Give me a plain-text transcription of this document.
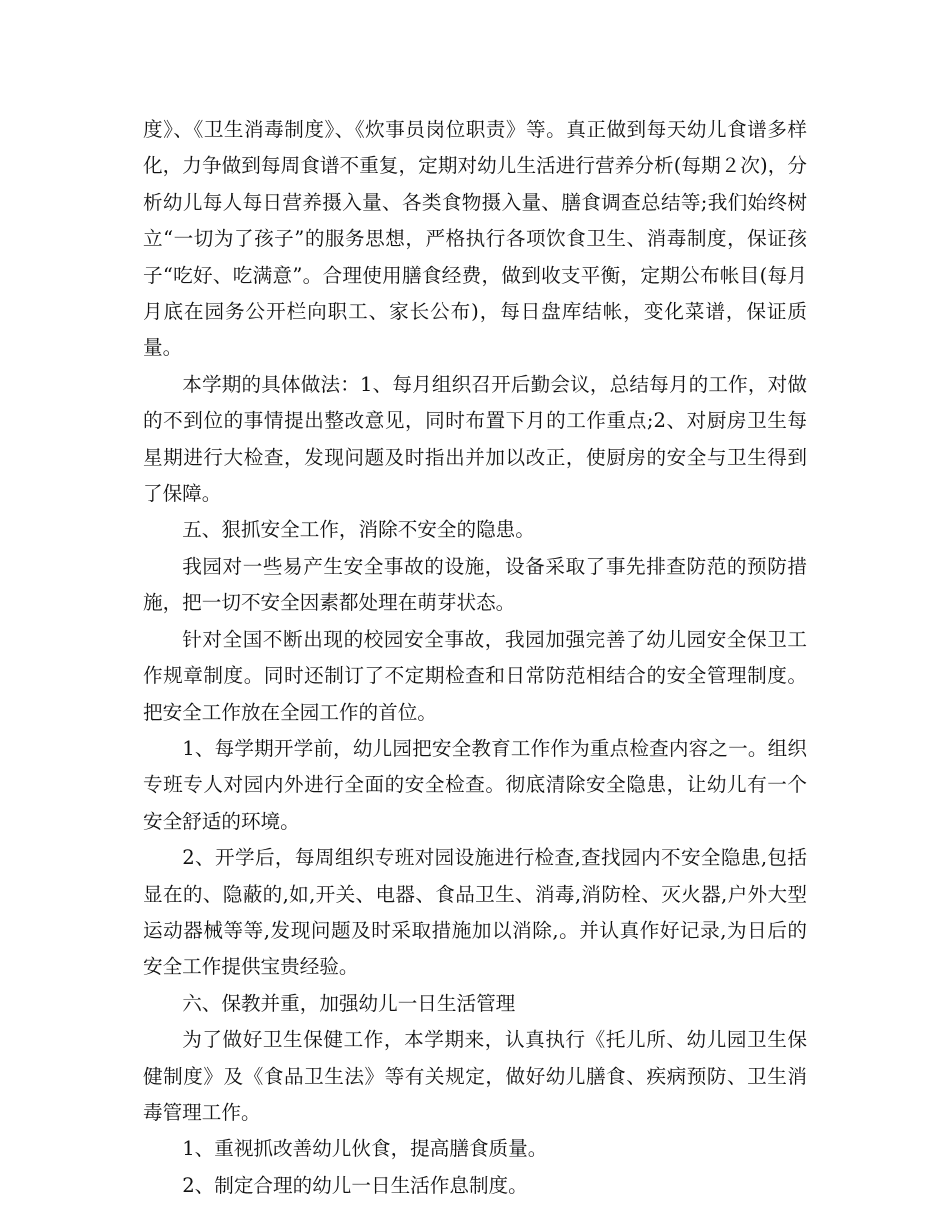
度》、《卫生消毒制度》、《炊事员岗位职责》等。真正做到每天幼儿食谱多样化，力争做到每周食谱不重复，定期对幼儿生活进行营养分析(每期２次)，分析幼儿每人每日营养摄入量、各类食物摄入量、膳食调查总结等;我们始终树立“一切为了孩子”的服务思想，严格执行各项饮食卫生、消毒制度，保证孩子“吃好、吃满意”。合理使用膳食经费，做到收支平衡，定期公布帐目(每月月底在园务公开栏向职工、家长公布)，每日盘库结帐，变化菜谱，保证质量。

本学期的具体做法：1、每月组织召开后勤会议，总结每月的工作，对做的不到位的事情提出整改意见，同时布置下月的工作重点;2、对厨房卫生每星期进行大检查，发现问题及时指出并加以改正，使厨房的安全与卫生得到了保障。

五、狠抓安全工作，消除不安全的隐患。

我园对一些易产生安全事故的设施，设备采取了事先排查防范的预防措施，把一切不安全因素都处理在萌芽状态。

针对全国不断出现的校园安全事故，我园加强完善了幼儿园安全保卫工作规章制度。同时还制订了不定期检查和日常防范相结合的安全管理制度。把安全工作放在全园工作的首位。

1、每学期开学前，幼儿园把安全教育工作作为重点检查内容之一。组织专班专人对园内外进行全面的安全检查。彻底清除安全隐患，让幼儿有一个安全舒适的环境。

2、开学后，每周组织专班对园设施进行检查,查找园内不安全隐患,包括显在的、隐蔽的,如,开关、电器、食品卫生、消毒,消防栓、灭火器,户外大型运动器械等等,发现问题及时采取措施加以消除,。并认真作好记录,为日后的安全工作提供宝贵经验。

六、保教并重，加强幼儿一日生活管理

为了做好卫生保健工作，本学期来，认真执行《托儿所、幼儿园卫生保健制度》及《食品卫生法》等有关规定，做好幼儿膳食、疾病预防、卫生消毒管理工作。

1、重视抓改善幼儿伙食，提高膳食质量。

2、制定合理的幼儿一日生活作息制度。
